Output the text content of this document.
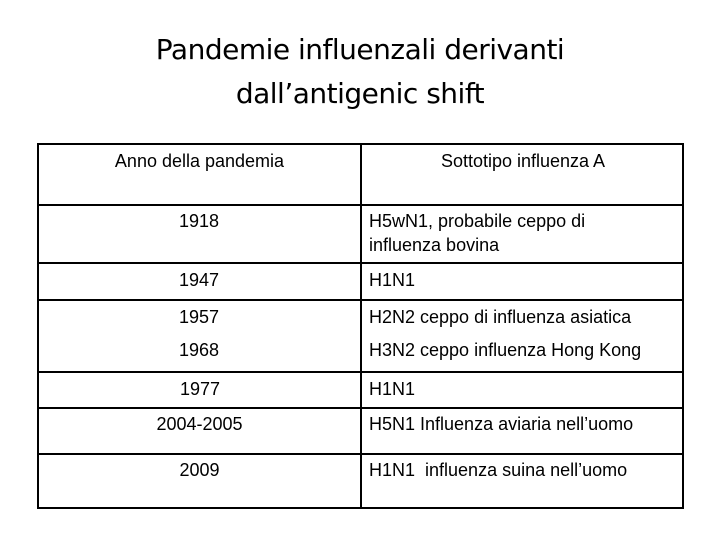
Pandemie influenzali derivanti
dall’antigenic shift
Anno della pandemia	Sottotipo influenza A
1918	H5wN1, probabile ceppo di influenza bovina
1947	H1N1
1957	H2N2 ceppo di influenza asiatica
1968	H3N2 ceppo influenza Hong Kong
1977	H1N1
2004-2005	H5N1 Influenza aviaria nell’uomo
2009	H1N1  influenza suina nell’uomo
